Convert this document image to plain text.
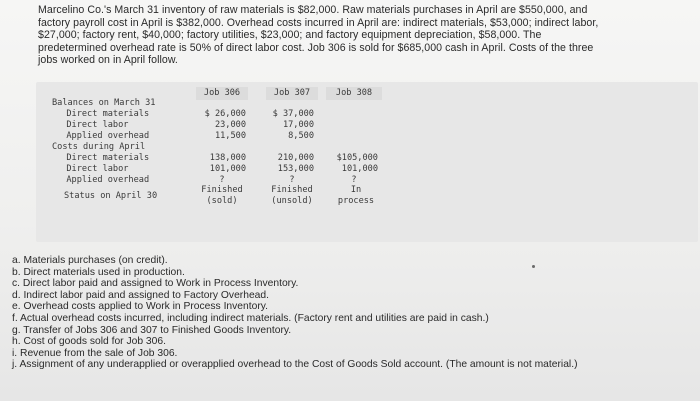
Marcelino Co.'s March 31 inventory of raw materials is $82,000. Raw materials purchases in April are $550,000, and
factory payroll cost in April is $382,000. Overhead costs incurred in April are: indirect materials, $53,000; indirect labor,
$27,000; factory rent, $40,000; factory utilities, $23,000; and factory equipment depreciation, $58,000. The
predetermined overhead rate is 50% of direct labor cost. Job 306 is sold for $685,000 cash in April. Costs of the three
jobs worked on in April follow.
Job 306	Job 307	Job 308
Balances on March 31
Direct materials
Direct labor
Applied overhead
Costs during April
Direct materials
Direct labor
Applied overhead
Status on April 30
$ 26,000
23,000
11,500
138,000
101,000
?
$ 37,000
17,000
8,500
210,000
153,000
?
$105,000
101,000
?
Finished
(sold)
Finished
(unsold)
In
process
a. Materials purchases (on credit).
b. Direct materials used in production.
c. Direct labor paid and assigned to Work in Process Inventory.
d. Indirect labor paid and assigned to Factory Overhead.
e. Overhead costs applied to Work in Process Inventory.
f. Actual overhead costs incurred, including indirect materials. (Factory rent and utilities are paid in cash.)
g. Transfer of Jobs 306 and 307 to Finished Goods Inventory.
h. Cost of goods sold for Job 306.
i. Revenue from the sale of Job 306.
j. Assignment of any underapplied or overapplied overhead to the Cost of Goods Sold account. (The amount is not material.)
